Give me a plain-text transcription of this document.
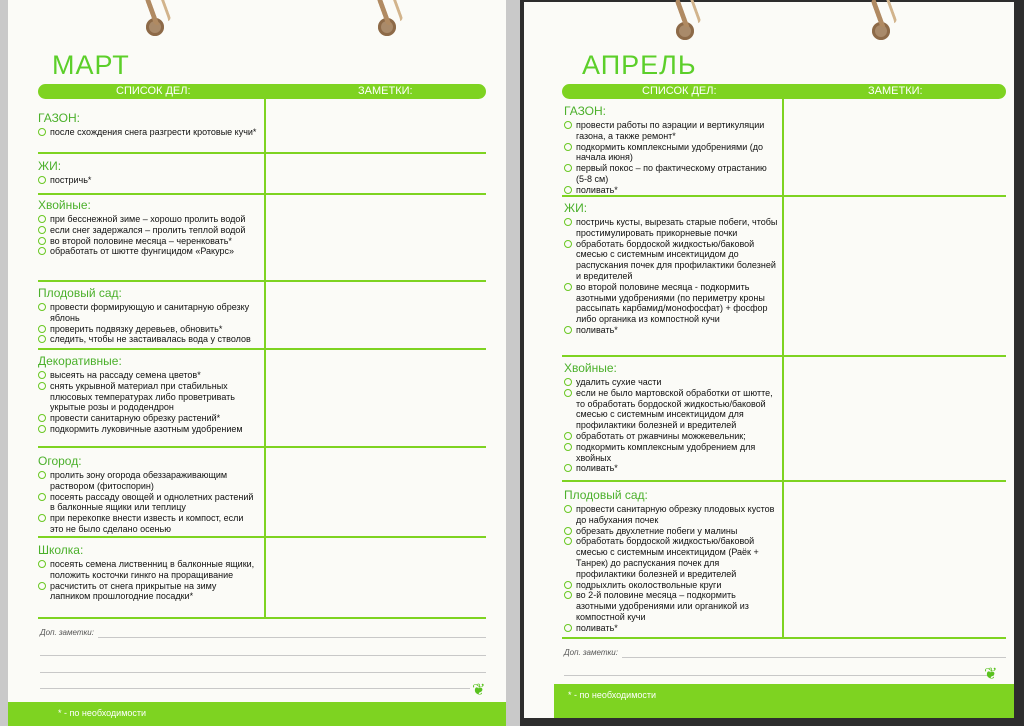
МАРТ
СПИСОК ДЕЛ:	ЗАМЕТКИ:
ГАЗОН:

после схождения снега разгрести кротовые кучи*

ЖИ:

постричь*

Хвойные:

при бесснежной зиме – хорошо пролить водой

если снег задержался – пролить теплой водой

во второй половине месяца – черенковать*

обработать от шютте фунгицидом «Ракурс»

Плодовый сад:

провести формирующую и санитарную обрезку яблонь

проверить подвязку деревьев, обновить*

следить, чтобы не застаивалась вода у стволов

Декоративные:

высеять на рассаду семена цветов*

снять укрывной материал при стабильных плюсовых температурах либо проветривать укрытые розы и рододендрон

провести санитарную обрезку растений*

подкормить луковичные азотным удобрением

Огород:

пролить зону огорода обеззараживающим раствором (фитоспорин)

посеять рассаду овощей и однолетних растений в балконные ящики или теплицу

при перекопке внести известь и компост, если это не было сделано осенью

Школка:

посеять семена лиственниц в балконные ящики, положить косточки гинкго на проращивание

расчистить от снега прикрытые на зиму лапником прошлогодние посадки*

Доп. заметки:
❦
* - по необходимости
АПРЕЛЬ
СПИСОК ДЕЛ:	ЗАМЕТКИ:
ГАЗОН:

провести работы по аэрации и вертикуляции газона, а также ремонт*

подкормить комплексными удобрениями (до начала июня)

первый покос – по фактическому отрастанию (5-8 см)

поливать*

ЖИ:

постричь кусты, вырезать старые побеги, чтобы простимулировать прикорневые почки

обработать бордоской жидкостью/баковой смесью с системным инсектицидом до распускания почек для профилактики болезней и вредителей

во второй половине месяца - подкормить азотными удобрениями (по периметру кроны рассыпать карбамид/монофосфат) + фосфор либо органика из компостной кучи

поливать*

Хвойные:

удалить сухие части

если не было мартовской обработки от шютте, то обработать бордоской жидкостью/баковой смесью с системным инсектицидом для профилактики болезней и вредителей

обработать от ржавчины можжевельник;

подкормить комплексным удобрением для хвойных

поливать*

Плодовый сад:

провести санитарную обрезку плодовых кустов до набухания почек

обрезать двухлетние побеги у малины

обработать бордоской жидкостью/баковой смесью с системным инсектицидом (Раёк + Танрек) до распускания почек для профилактики болезней и вредителей

подрыхлить околоствольные круги

во 2-й половине месяца – подкормить азотными удобрениями или органикой из компостной кучи

поливать*

Доп. заметки:
❦
* - по необходимости
